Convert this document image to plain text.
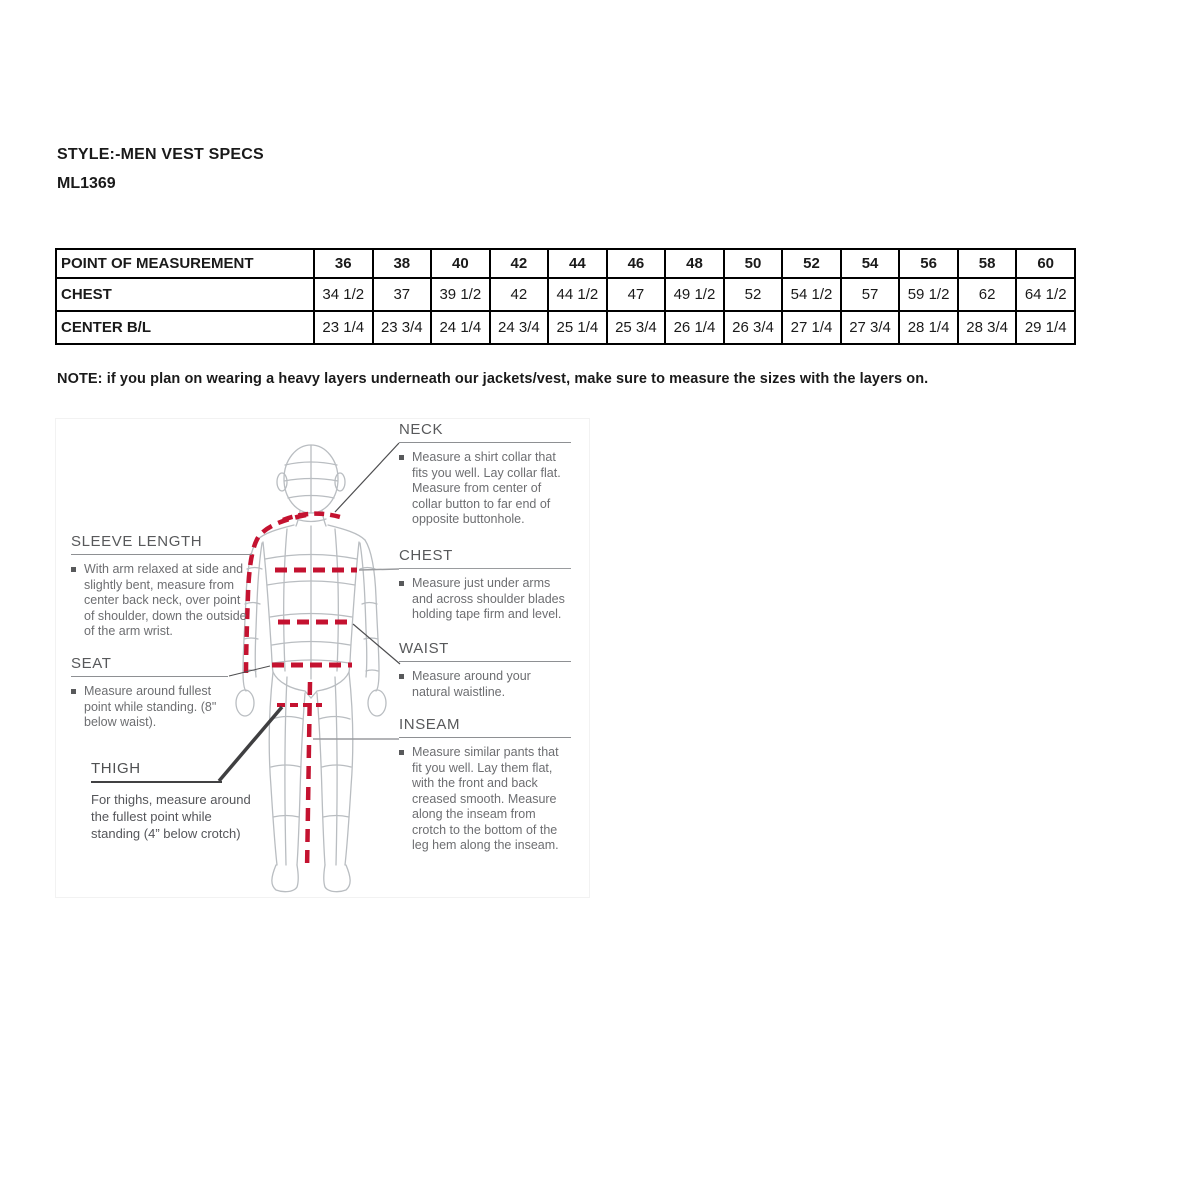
STYLE:-MEN VEST SPECS
ML1369
POINT OF MEASUREMENT	36	38	40	42	44	46	48	50	52	54	56	58	60
CHEST	34 1/2	37	39 1/2	42	44 1/2	47	49 1/2	52	54 1/2	57	59 1/2	62	64 1/2
CENTER B/L	23 1/4	23 3/4	24 1/4	24 3/4	25 1/4	25 3/4	26 1/4	26 3/4	27 1/4	27 3/4	28 1/4	28 3/4	29 1/4

NOTE: if you plan on wearing a heavy layers underneath our jackets/vest, make sure to measure the sizes with the layers on.

NECK
Measure a shirt collar that fits you well. Lay collar flat. Measure from center of collar button to far end of opposite buttonhole.
SLEEVE LENGTH
With arm relaxed at side and slightly bent, measure from center back neck, over point of shoulder, down the outside of the arm wrist.
CHEST
Measure just under arms and across shoulder blades holding tape firm and level.
WAIST
Measure around your natural waistline.
SEAT
Measure around fullest point while standing. (8" below waist).	INSEAM
Measure similar pants that fit you well. Lay them flat, with the front and back creased smooth. Measure along the inseam from crotch to the bottom of the leg hem along the inseam.
THIGH
For thighs, measure around the fullest point while standing (4” below crotch)
